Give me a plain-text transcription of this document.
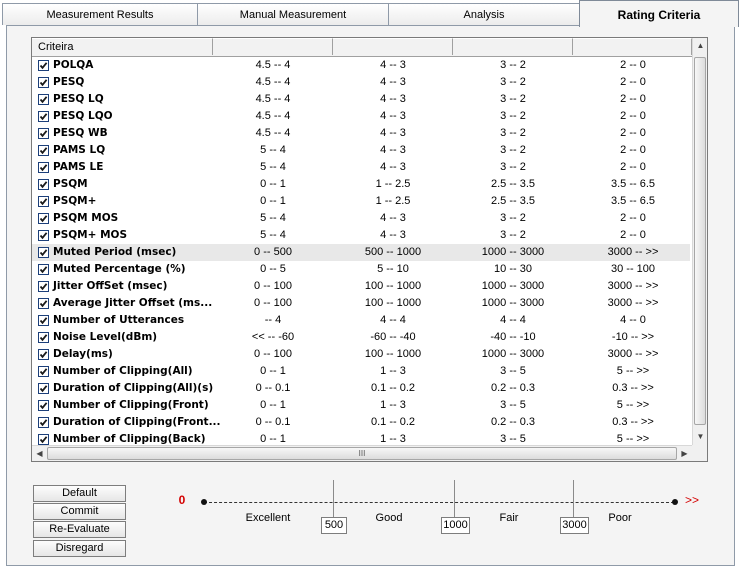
Measurement Results	Manual Measurement	Analysis	Rating Criteria
Criteira
POLQA	4.5 -- 4	4 -- 3	3 -- 2	2 -- 0
PESQ	4.5 -- 4	4 -- 3	3 -- 2	2 -- 0
PESQ LQ	4.5 -- 4	4 -- 3	3 -- 2	2 -- 0
PESQ LQO	4.5 -- 4	4 -- 3	3 -- 2	2 -- 0
PESQ WB	4.5 -- 4	4 -- 3	3 -- 2	2 -- 0
PAMS LQ	5 -- 4	4 -- 3	3 -- 2	2 -- 0
PAMS LE	5 -- 4	4 -- 3	3 -- 2	2 -- 0
PSQM	0 -- 1	1 -- 2.5	2.5 -- 3.5	3.5 -- 6.5
PSQM+	0 -- 1	1 -- 2.5	2.5 -- 3.5	3.5 -- 6.5
PSQM MOS	5 -- 4	4 -- 3	3 -- 2	2 -- 0
PSQM+ MOS	5 -- 4	4 -- 3	3 -- 2	2 -- 0
Muted Period (msec)	0 -- 500	500 -- 1000	1000 -- 3000	3000 -- >>
Muted Percentage (%)	0 -- 5	5 -- 10	10 -- 30	30 -- 100
Jitter OffSet (msec)	0 -- 100	100 -- 1000	1000 -- 3000	3000 -- >>
Average Jitter Offset (ms...	0 -- 100	100 -- 1000	1000 -- 3000	3000 -- >>
Number of Utterances	-- 4	4 -- 4	4 -- 4	4 -- 0
Noise Level(dBm)	<< -- -60	-60 -- -40	-40 -- -10	-10 -- >>
Delay(ms)	0 -- 100	100 -- 1000	1000 -- 3000	3000 -- >>
Number of Clipping(All)	0 -- 1	1 -- 3	3 -- 5	5 -- >>
Duration of Clipping(All)(s)	0 -- 0.1	0.1 -- 0.2	0.2 -- 0.3	0.3 -- >>
Number of Clipping(Front)	0 -- 1	1 -- 3	3 -- 5	5 -- >>
Duration of Clipping(Front...	0 -- 0.1	0.1 -- 0.2	0.2 -- 0.3	0.3 -- >>
Number of Clipping(Back)	0 -- 1	1 -- 3	3 -- 5	5 -- >>
▲
▼
◀	III	▶
Default
Commit
Re-Evaluate
Disregard
0	>>
Excellent	Good	Fair	Poor
500	1000	3000
